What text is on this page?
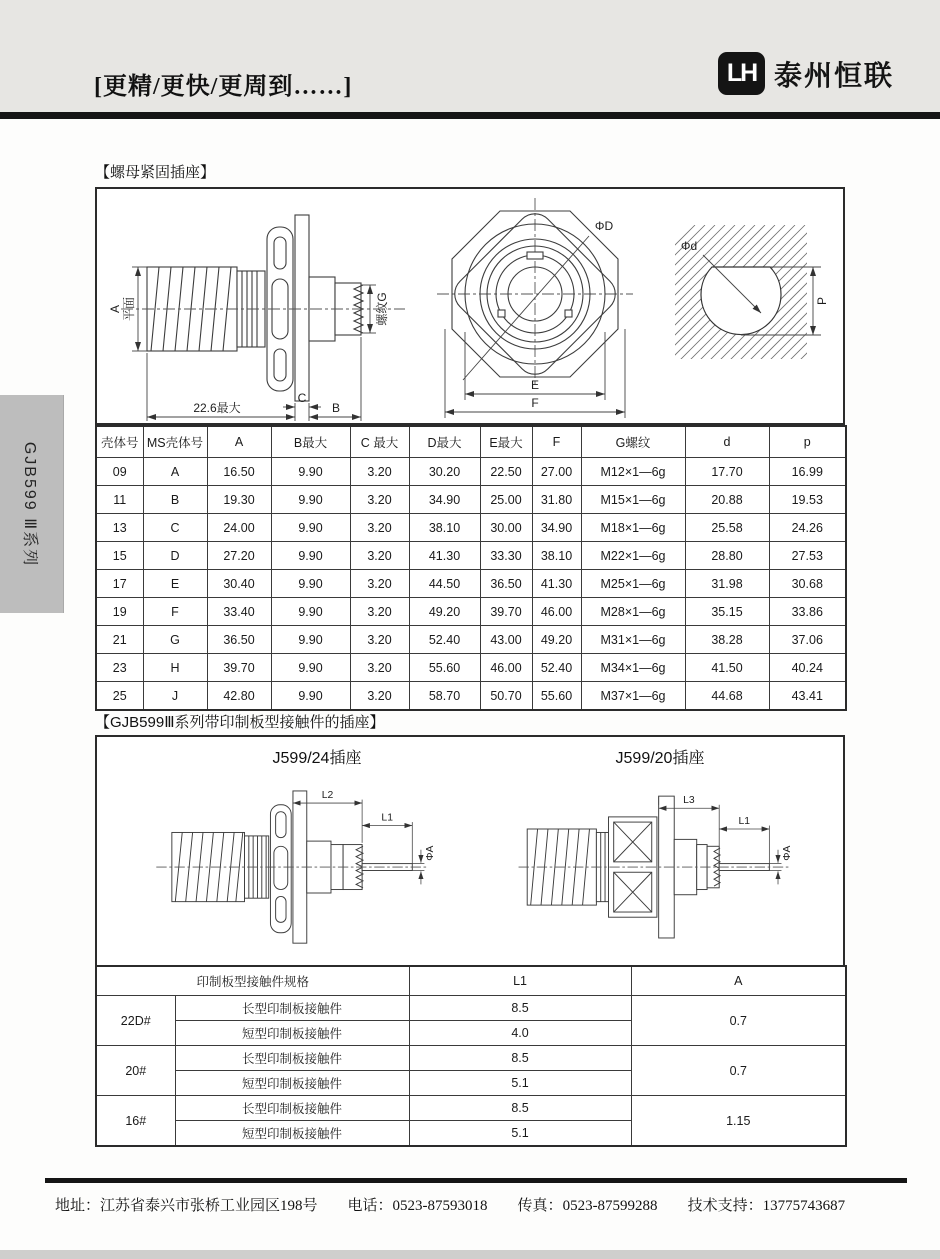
[更精/更快/更周到……]	LH 泰州恒联
GJB599 Ⅲ系列
【螺母紧固插座】
A 平面	螺纹G
22.6最大
C
B
ΦD
E
F
Φd
P
壳体号	MS壳体号	A	B最大	C 最大	D最大	E最大	F	G螺纹	d	p
09	A	16.50	9.90	3.20	30.20	22.50	27.00	M12×1—6g	17.70	16.99
11	B	19.30	9.90	3.20	34.90	25.00	31.80	M15×1—6g	20.88	19.53
13	C	24.00	9.90	3.20	38.10	30.00	34.90	M18×1—6g	25.58	24.26
15	D	27.20	9.90	3.20	41.30	33.30	38.10	M22×1—6g	28.80	27.53
17	E	30.40	9.90	3.20	44.50	36.50	41.30	M25×1—6g	31.98	30.68
19	F	33.40	9.90	3.20	49.20	39.70	46.00	M28×1—6g	35.15	33.86
21	G	36.50	9.90	3.20	52.40	43.00	49.20	M31×1—6g	38.28	37.06
23	H	39.70	9.90	3.20	55.60	46.00	52.40	M34×1—6g	41.50	40.24
25	J	42.80	9.90	3.20	58.70	50.70	55.60	M37×1—6g	44.68	43.41
【GJB599Ⅲ系列带印制板型接触件的插座】
J599/24插座	J599/20插座
L2
L1
ΦA
L3
L1
ΦA
印制板型接触件规格		L1	A
22D#	长型印制板接触件	8.5	0.7
	短型印制板接触件	4.0	
20#	长型印制板接触件	8.5	0.7
	短型印制板接触件	5.1	
16#	长型印制板接触件	8.5	1.15
	短型印制板接触件	5.1	
地址：江苏省泰兴市张桥工业园区198号 电话：0523-87593018 传真：0523-87599288 技术支持：13775743687
